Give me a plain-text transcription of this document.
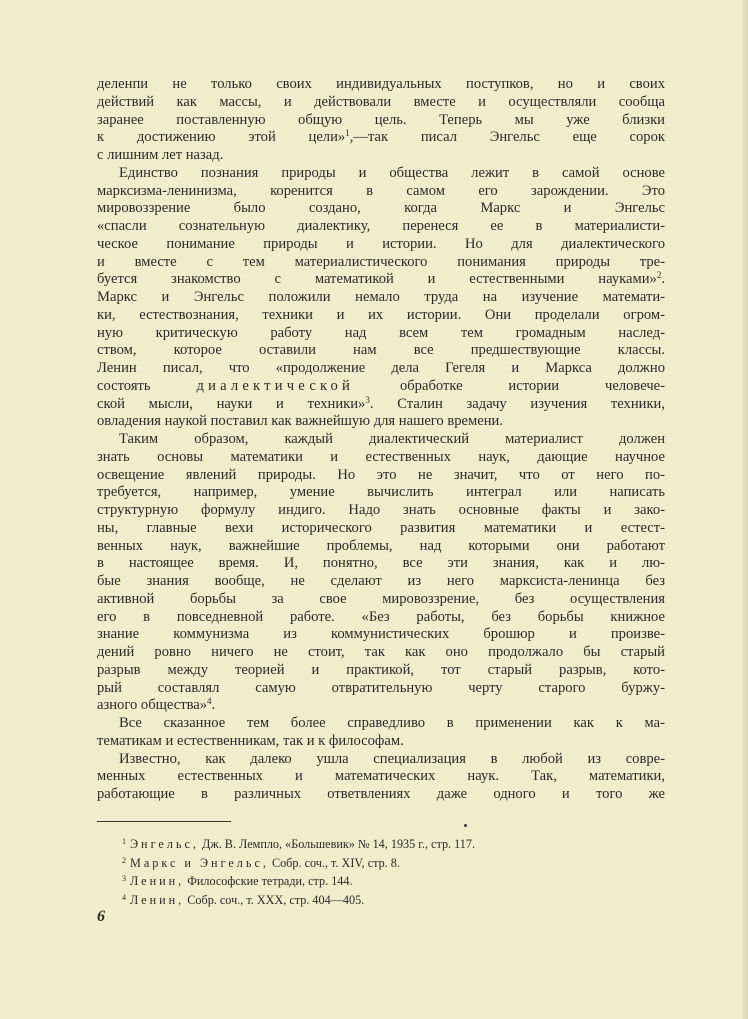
деленпи не только своих индивидуальных поступков, но и своих
действий как массы, и действовали вместе и осуществляли сообща
заранее поставленную общую цель. Теперь мы уже близки
к достижению этой цели»$^1$,—так писал Энгельс еще сорок
с лишним лет назад.
Единство познания природы и общества лежит в самой основе
марксизма-ленинизма, коренится в самом его зарождении. Это
мировоззрение было создано, когда Маркс и Энгельс
«спасли сознательную диалектику, перенеся ее в материалисти-
ческое понимание природы и истории. Но для диалектического
и вместе с тем материалистического понимания природы тре-
буется знакомство с математикой и естественными науками»$^2$.
Маркс и Энгельс положили немало труда на изучение математи-
ки, естествознания, техники и их истории. Они проделали огром-
ную критическую работу над всем тем громадным наслед-
ством, которое оставили нам все предшествующие классы.
Ленин писал, что «продолжение дела Гегеля и Маркса должно
состоять диалектической обработке истории человече-
ской мысли, науки и техники»$^3$. Сталин задачу изучения техники,
овладения наукой поставил как важнейшую для нашего времени.
Таким образом, каждый диалектический материалист должен
знать основы математики и естественных наук, дающие научное
освещение явлений природы. Но это не значит, что от него по-
требуется, например, умение вычислить интеграл или написать
структурную формулу индиго. Надо знать основные факты и зако-
ны, главные вехи исторического развития математики и естест-
венных наук, важнейшие проблемы, над которыми они работают
в настоящее время. И, понятно, все эти знания, как и лю-
бые знания вообще, не сделают из него марксиста-ленинца без
активной борьбы за свое мировоззрение, без осуществления
его в повседневной работе. «Без работы, без борьбы книжное
знание коммунизма из коммунистических брошюр и произве-
дений ровно ничего не стоит, так как оно продолжало бы старый
разрыв между теорией и практикой, тот старый разрыв, кото-
рый составлял самую отвратительную черту старого буржу-
азного общества»$^4$.
Все сказанное тем более справедливо в применении как к ма-
тематикам и естественникам, так и к философам.
Известно, как далеко ушла специализация в любой из совре-
менных естественных и математических наук. Так, математики,
работающие в различных ответвлениях даже одного и того же
$^1$ Энгельс, Дж. В. Лемпло, «Большевик» № 14, 1935 г., стр. 117.
$^2$ Маркс и Энгельс, Собр. соч., т. XIV, стр. 8.
$^3$ Ленин, Философские тетради, стр. 144.
$^4$ Ленин, Собр. соч., т. XXX, стр. 404—405.
6
